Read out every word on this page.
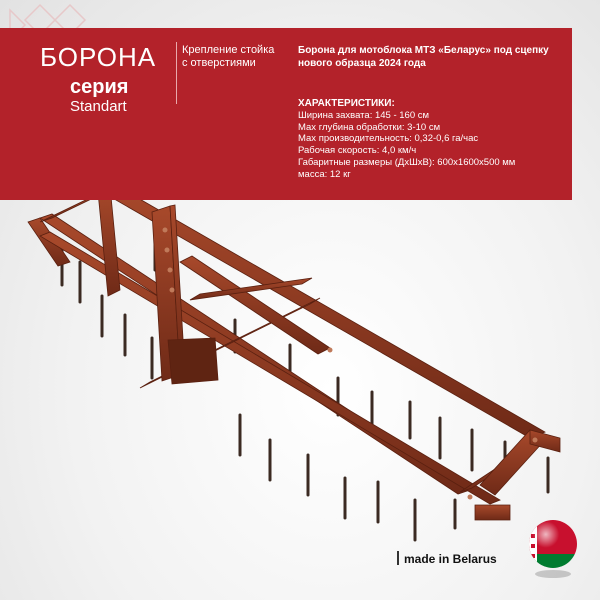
БОРОНА
серия
Standart
Крепление стойка с отверстиями
Борона для мотоблока МТЗ «Беларус» под сцепку нового образца 2024 года
ХАРАКТЕРИСТИКИ:
Ширина захвата: 145 - 160 см
Мах глубина обработки: 3-10 см
Мах производительность: 0,32-0,6 га/час
Рабочая скорость: 4,0 км/ч
Габаритные размеры (ДхШхВ): 600х1600х500 мм
масса: 12 кг
made in Belarus
